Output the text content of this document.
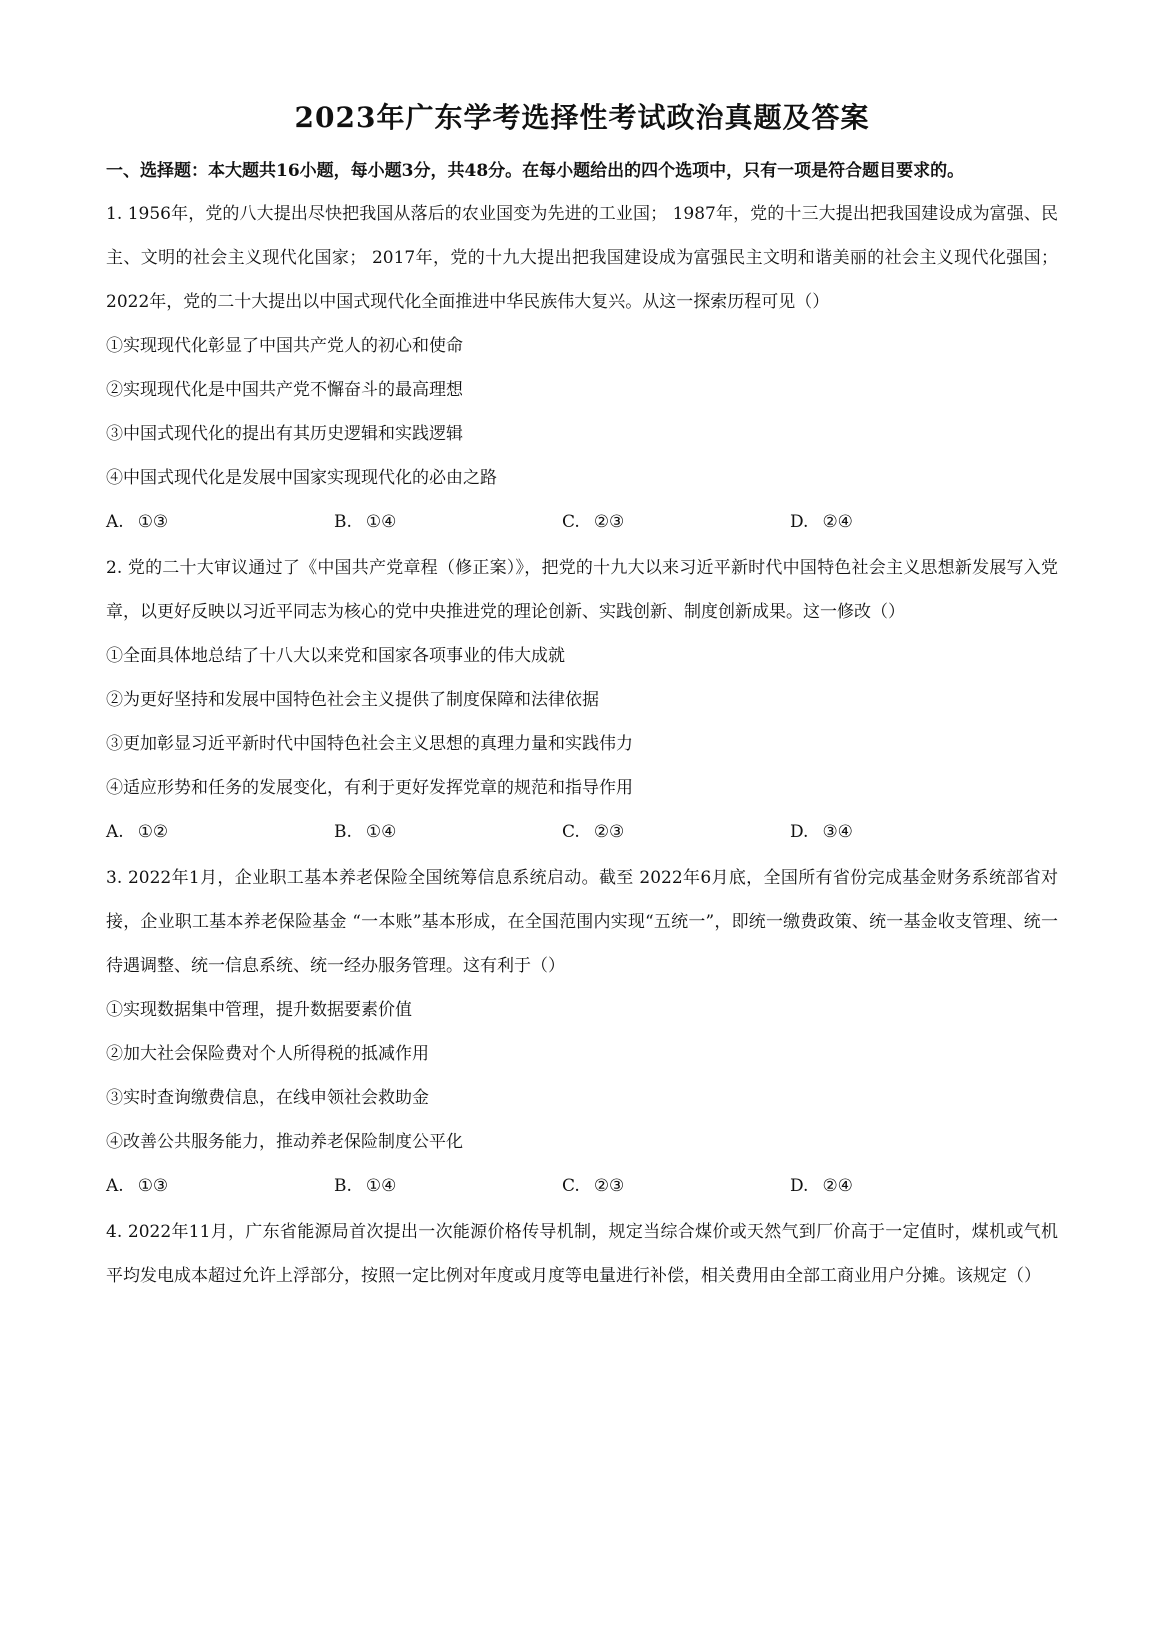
2023年广东学考选择性考试政治真题及答案

一、选择题：本大题共16小题，每小题3分，共48分。在每小题给出的四个选项中，只有一项是符合题目要求的。

1. 1956年，党的八大提出尽快把我国从落后的农业国变为先进的工业国； 1987年，党的十三大提出把我国建设成为富强、民主、文明的社会主义现代化国家； 2017年，党的十九大提出把我国建设成为富强民主文明和谐美丽的社会主义现代化强国； 2022年，党的二十大提出以中国式现代化全面推进中华民族伟大复兴。从这一探索历程可见（）

①实现现代化彰显了中国共产党人的初心和使命

②实现现代化是中国共产党不懈奋斗的最高理想

③中国式现代化的提出有其历史逻辑和实践逻辑

④中国式现代化是发展中国家实现现代化的必由之路

A. ①③	B. ①④	C. ②③	D. ②④

2. 党的二十大审议通过了《中国共产党章程（修正案）》，把党的十九大以来习近平新时代中国特色社会主义思想新发展写入党章，以更好反映以习近平同志为核心的党中央推进党的理论创新、实践创新、制度创新成果。这一修改（）

①全面具体地总结了十八大以来党和国家各项事业的伟大成就

②为更好坚持和发展中国特色社会主义提供了制度保障和法律依据

③更加彰显习近平新时代中国特色社会主义思想的真理力量和实践伟力

④适应形势和任务的发展变化，有利于更好发挥党章的规范和指导作用

A. ①②	B. ①④	C. ②③	D. ③④

3. 2022年1月，企业职工基本养老保险全国统筹信息系统启动。截至 2022年6月底，全国所有省份完成基金财务系统部省对接，企业职工基本养老保险基金 “一本账”基本形成，在全国范围内实现“五统一”，即统一缴费政策、统一基金收支管理、统一待遇调整、统一信息系统、统一经办服务管理。这有利于（）

①实现数据集中管理，提升数据要素价值

②加大社会保险费对个人所得税的抵减作用

③实时查询缴费信息，在线申领社会救助金

④改善公共服务能力，推动养老保险制度公平化

A. ①③	B. ①④	C. ②③	D. ②④

4. 2022年11月，广东省能源局首次提出一次能源价格传导机制，规定当综合煤价或天然气到厂价高于一定值时，煤机或气机平均发电成本超过允许上浮部分，按照一定比例对年度或月度等电量进行补偿，相关费用由全部工商业用户分摊。该规定（）
